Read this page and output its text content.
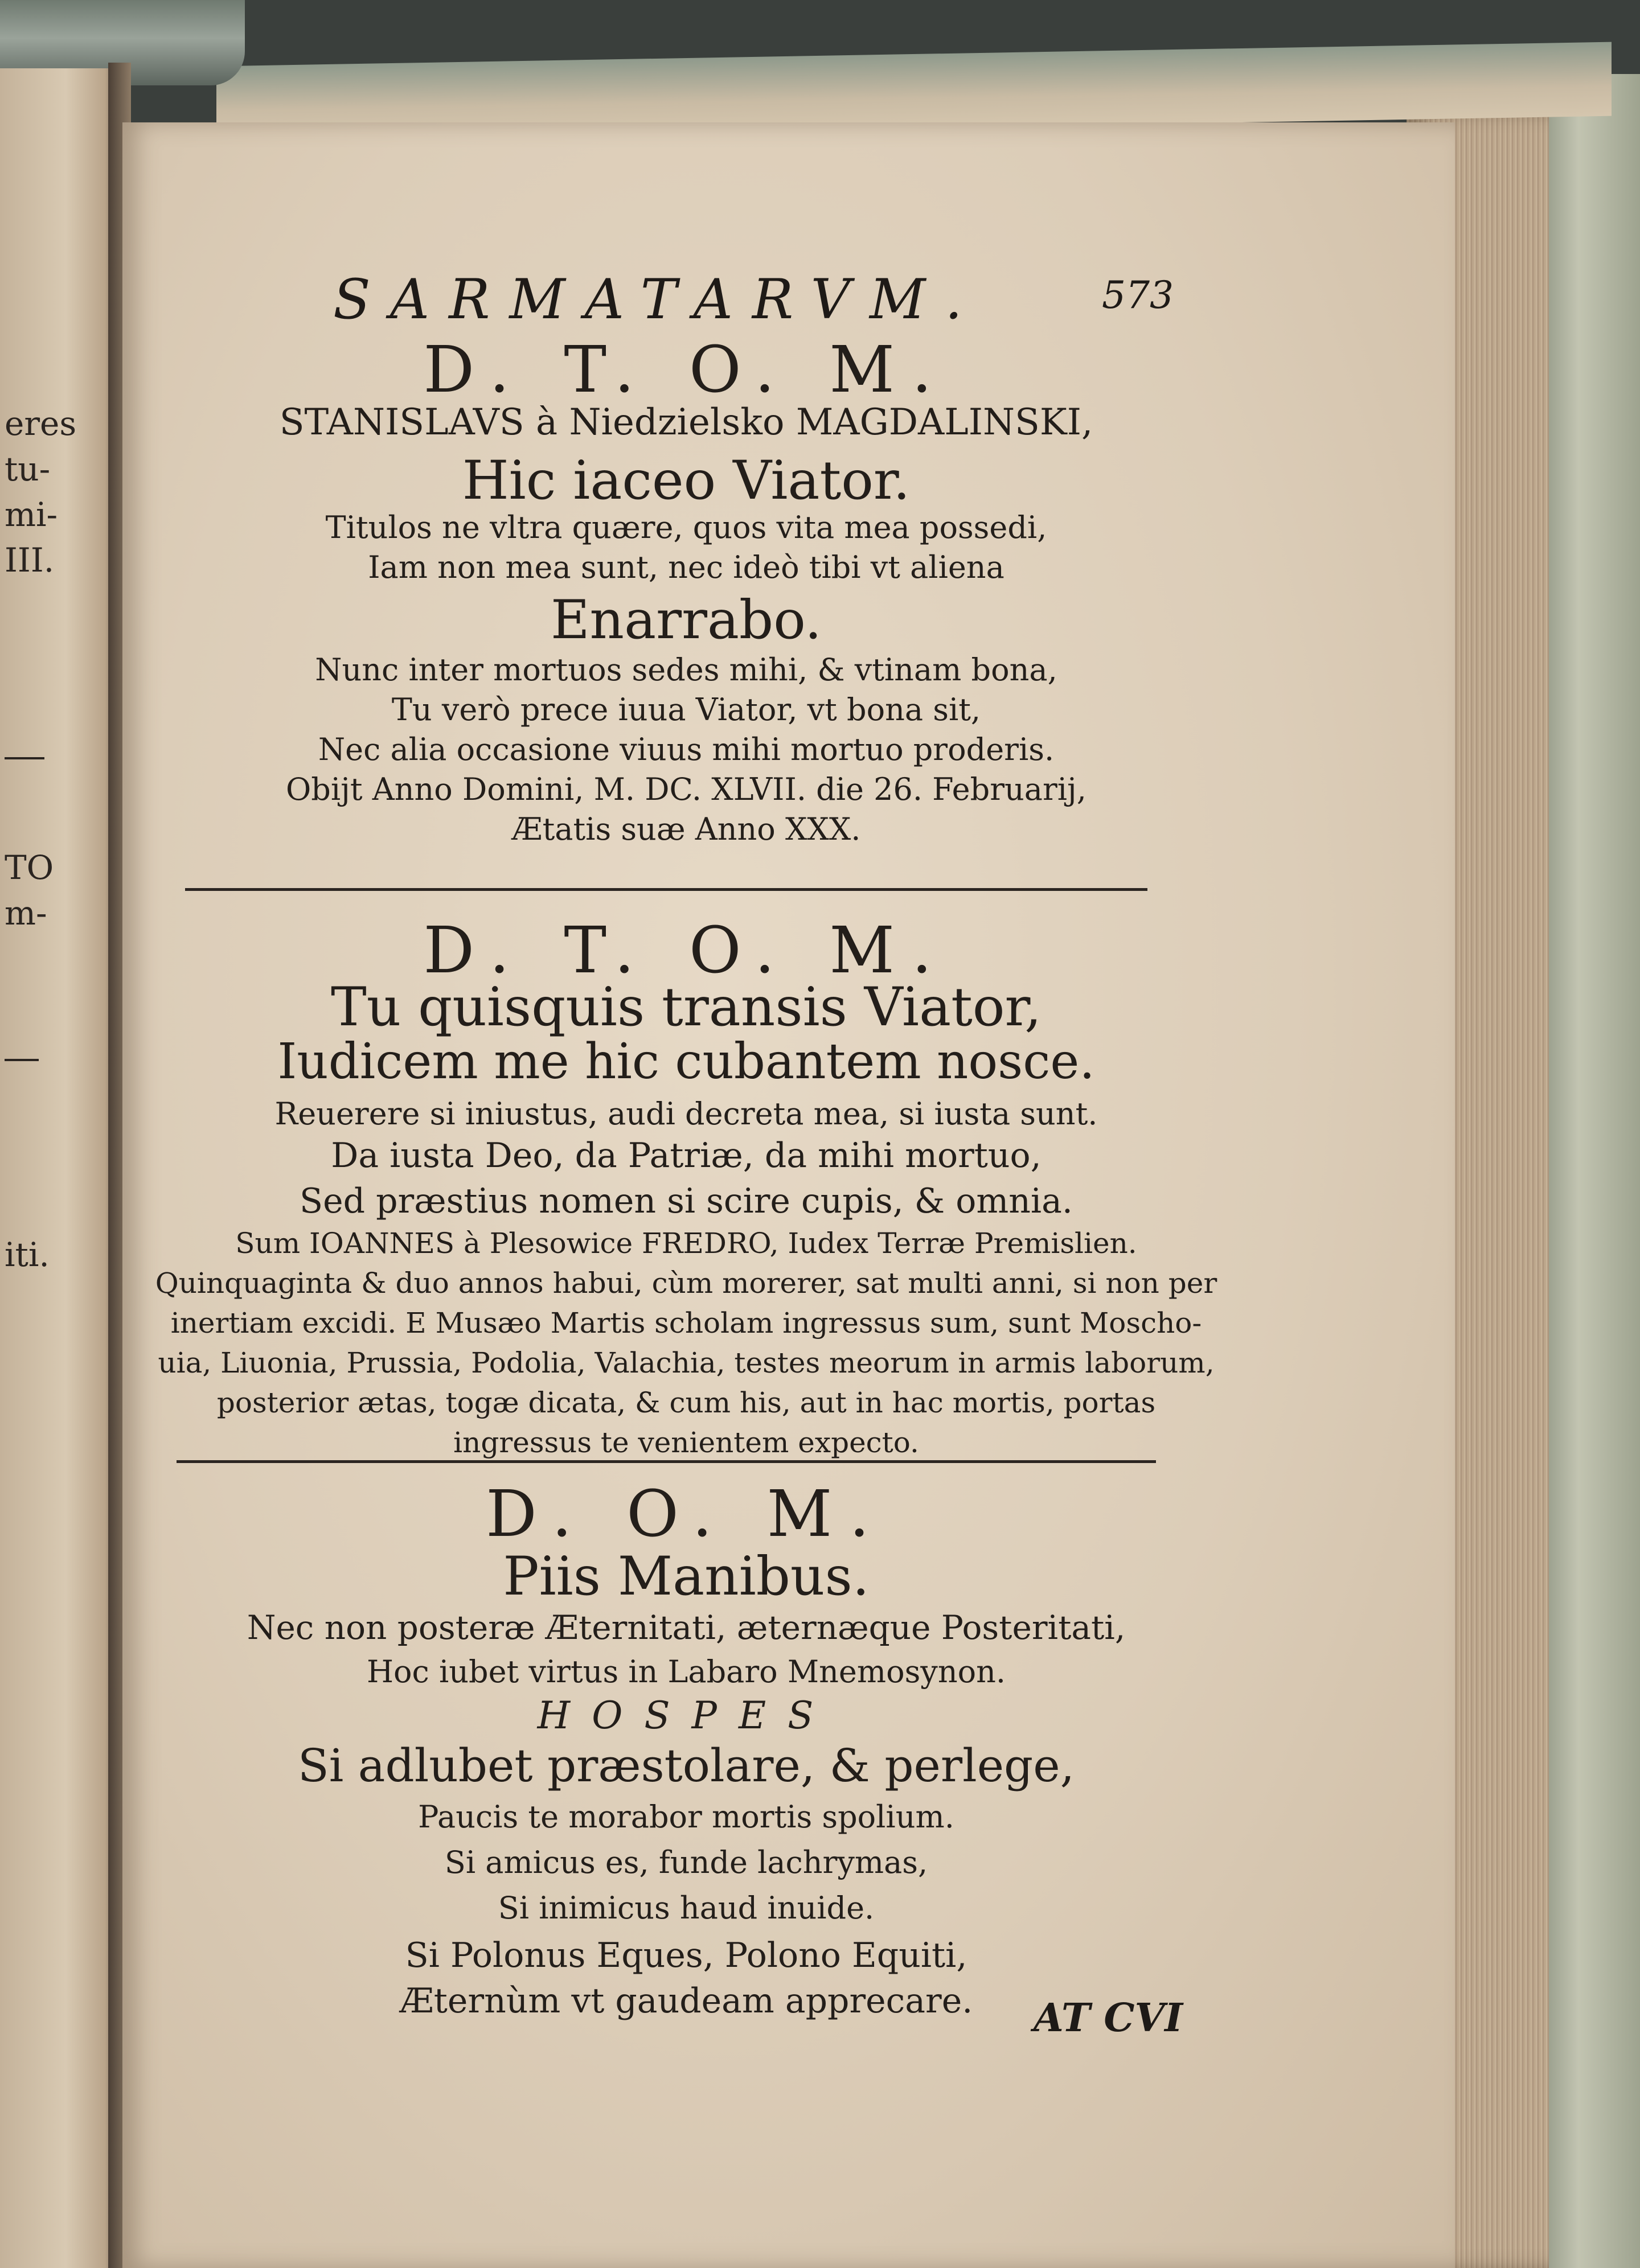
eres
tu-
mi-
III.
TO
m-
iti.
SARMATARVM.	573
D. T. O. M.
STANISLAVS à Niedzielsko MAGDALINSKI,
Hic iaceo Viator.
Titulos ne vltra quære, quos vita mea possedi,
Iam non mea sunt, nec ideò tibi vt aliena
Enarrabo.
Nunc inter mortuos sedes mihi, & vtinam bona,
Tu verò prece iuua Viator, vt bona sit,
Nec alia occasione viuus mihi mortuo proderis.
Obijt Anno Domini, M. DC. XLVII. die 26. Februarij,
Ætatis suæ Anno XXX.
D. T. O. M.
Tu quisquis transis Viator,
Iudicem me hic cubantem nosce.
Reuerere si iniustus, audi decreta mea, si iusta sunt.
Da iusta Deo, da Patriæ, da mihi mortuo,
Sed præstius nomen si scire cupis, & omnia.
Sum IOANNES à Plesowice FREDRO, Iudex Terræ Premislien.
Quinquaginta & duo annos habui, cùm morerer, sat multi anni, si non per
inertiam excidi. E Musæo Martis scholam ingressus sum, sunt Moscho-
uia, Liuonia, Prussia, Podolia, Valachia, testes meorum in armis laborum,
posterior ætas, togæ dicata, & cum his, aut in hac mortis, portas
ingressus te venientem expecto.
D. O. M.
Piis Manibus.
Nec non posteræ Æternitati, æternæque Posteritati,
Hoc iubet virtus in Labaro Mnemosynon.
HOSPES
Si adlubet præstolare, & perlege,
Paucis te morabor mortis spolium.
Si amicus es, funde lachrymas,
Si inimicus haud inuide.
Si Polonus Eques, Polono Equiti,
Æternùm vt gaudeam apprecare.	AT CVI
